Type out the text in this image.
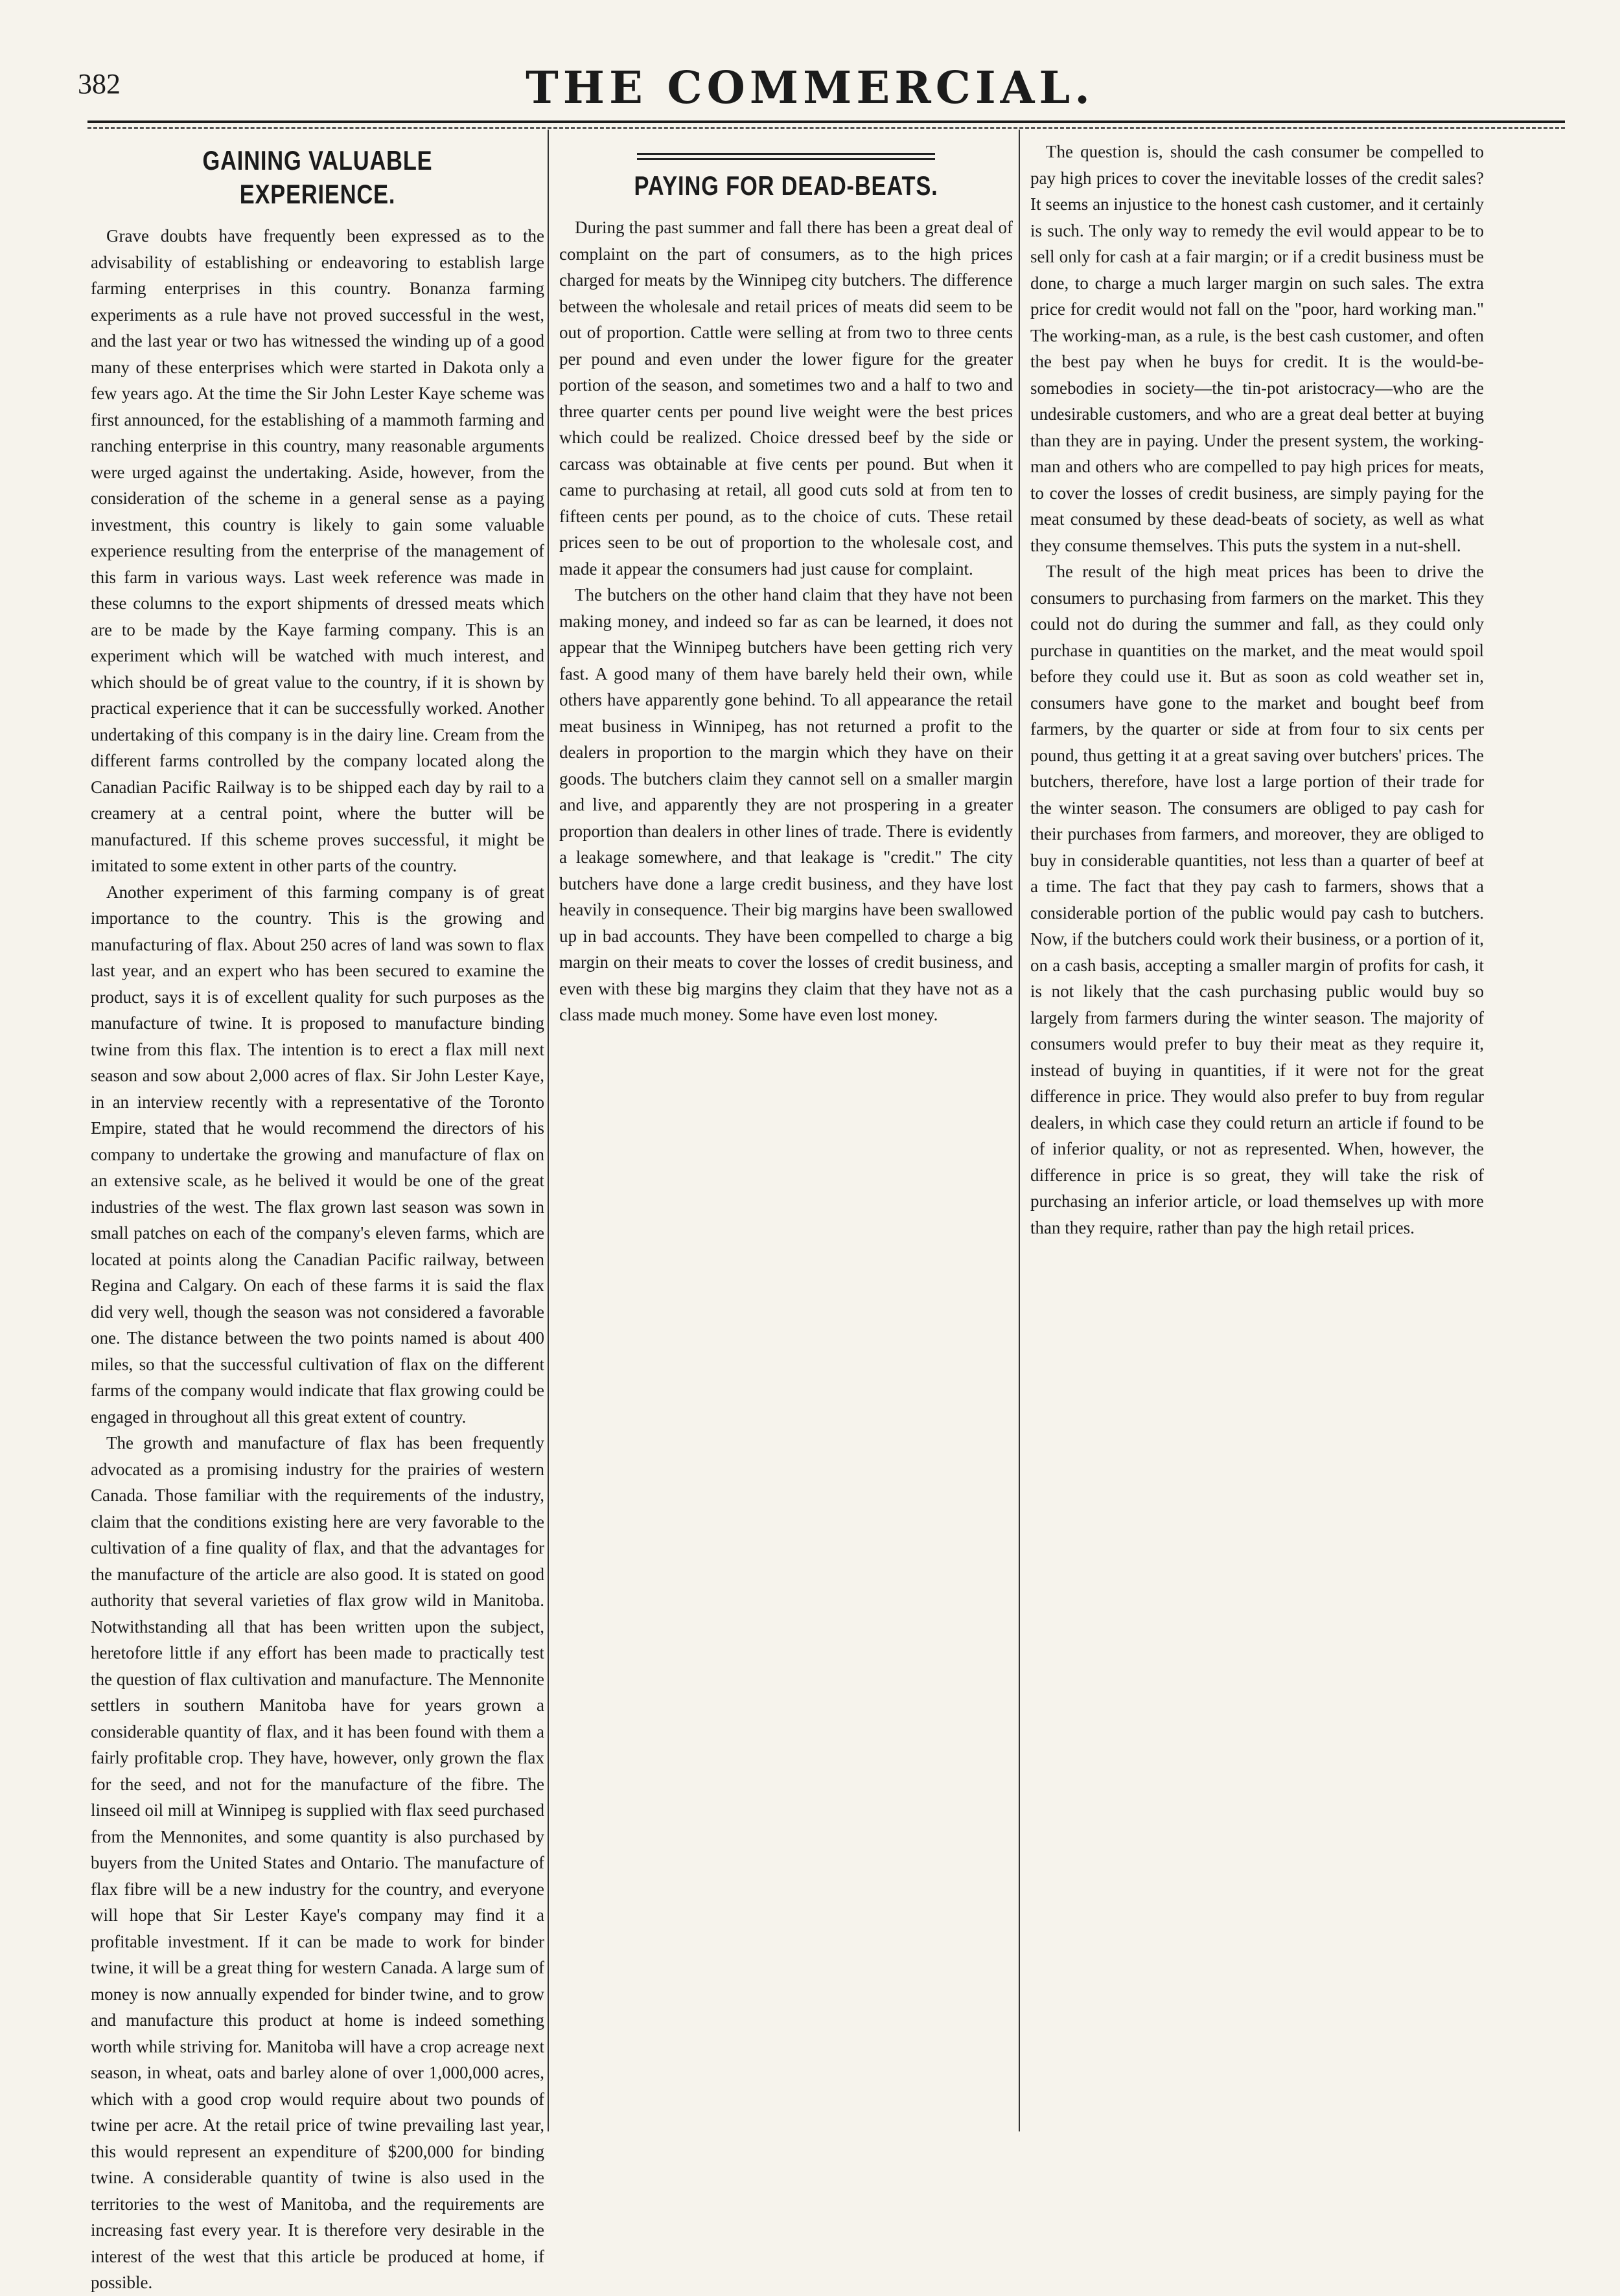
382	THE COMMERCIAL.
GAINING VALUABLE EXPERIENCE.

Grave doubts have frequently been expressed as to the advisability of establishing or endeavoring to establish large farming enterprises in this country. Bonanza farming experiments as a rule have not proved successful in the west, and the last year or two has witnessed the winding up of a good many of these enterprises which were started in Dakota only a few years ago. At the time the Sir John Lester Kaye scheme was first announced, for the establishing of a mammoth farming and ranching enterprise in this country, many reasonable arguments were urged against the undertaking. Aside, however, from the consideration of the scheme in a general sense as a paying investment, this country is likely to gain some valuable experience resulting from the enterprise of the management of this farm in various ways. Last week reference was made in these columns to the export shipments of dressed meats which are to be made by the Kaye farming company. This is an experiment which will be watched with much interest, and which should be of great value to the country, if it is shown by practical experience that it can be successfully worked. Another undertaking of this company is in the dairy line. Cream from the different farms controlled by the company located along the Canadian Pacific Railway is to be shipped each day by rail to a creamery at a central point, where the butter will be manufactured. If this scheme proves successful, it might be imitated to some extent in other parts of the country.

Another experiment of this farming company is of great importance to the country. This is the growing and manufacturing of flax. About 250 acres of land was sown to flax last year, and an expert who has been secured to examine the product, says it is of excellent quality for such purposes as the manufacture of twine. It is proposed to manufacture binding twine from this flax. The intention is to erect a flax mill next season and sow about 2,000 acres of flax. Sir John Lester Kaye, in an interview recently with a representative of the Toronto Empire, stated that he would recommend the directors of his company to undertake the growing and manufacture of flax on an extensive scale, as he belived it would be one of the great industries of the west. The flax grown last season was sown in small patches on each of the company's eleven farms, which are located at points along the Canadian Pacific railway, between Regina and Calgary. On each of these farms it is said the flax did very well, though the season was not considered a favorable one. The distance between the two points named is about 400 miles, so that the successful cultivation of flax on the different farms of the company would indicate that flax growing could be engaged in throughout all this great extent of country.

The growth and manufacture of flax has been frequently advocated as a promising industry for the prairies of western Canada. Those familiar with the requirements of the industry, claim that the conditions existing here are very favorable to the cultivation of a fine quality of flax, and that the advantages for the manufacture of the article are also good. It is stated on good authority that several varieties of flax grow wild in Manitoba. Notwithstanding all that has been written upon the subject, heretofore little if any effort has been made to practically test the question of flax cultivation and manufacture. The Mennonite settlers in southern Manitoba have for years grown a considerable quantity of flax, and it has been found with them a fairly profitable crop. They have, however, only grown the flax for the seed, and not for the manufacture of the fibre. The linseed oil mill at Winnipeg is supplied with flax seed purchased from the Mennonites, and some quantity is also purchased by buyers from the United States and Ontario. The manufacture of flax fibre will be a new industry for the country, and everyone will hope that Sir Lester Kaye's company may find it a profitable investment. If it can be made to work for binder twine, it will be a great thing for western Canada. A large sum of money is now annually expended for binder twine, and to grow and manufacture this product at home is indeed something worth while striving for. Manitoba will have a crop acreage next season, in wheat, oats and barley alone of over 1,000,000 acres, which with a good crop would require about two pounds of twine per acre. At the retail price of twine prevailing last year, this would represent an expenditure of $200,000 for binding twine. A considerable quantity of twine is also used in the territories to the west of Manitoba, and the requirements are increasing fast every year. It is therefore very desirable in the interest of the west that this article be produced at home, if possible.

PAYING FOR DEAD-BEATS.

During the past summer and fall there has been a great deal of complaint on the part of consumers, as to the high prices charged for meats by the Winnipeg city butchers. The difference between the wholesale and retail prices of meats did seem to be out of proportion. Cattle were selling at from two to three cents per pound and even under the lower figure for the greater portion of the season, and sometimes two and a half to two and three quarter cents per pound live weight were the best prices which could be realized. Choice dressed beef by the side or carcass was obtainable at five cents per pound. But when it came to purchasing at retail, all good cuts sold at from ten to fifteen cents per pound, as to the choice of cuts. These retail prices seen to be out of proportion to the wholesale cost, and made it appear the consumers had just cause for complaint.

The butchers on the other hand claim that they have not been making money, and indeed so far as can be learned, it does not appear that the Winnipeg butchers have been getting rich very fast. A good many of them have barely held their own, while others have apparently gone behind. To all appearance the retail meat business in Winnipeg, has not returned a profit to the dealers in proportion to the margin which they have on their goods. The butchers claim they cannot sell on a smaller margin and live, and apparently they are not prospering in a greater proportion than dealers in other lines of trade. There is evidently a leakage somewhere, and that leakage is "credit." The city butchers have done a large credit business, and they have lost heavily in consequence. Their big margins have been swallowed up in bad accounts. They have been compelled to charge a big margin on their meats to cover the losses of credit business, and even with these big margins they claim that they have not as a class made much money. Some have even lost money.

The question is, should the cash consumer be compelled to pay high prices to cover the inevitable losses of the credit sales? It seems an injustice to the honest cash customer, and it certainly is such. The only way to remedy the evil would appear to be to sell only for cash at a fair margin; or if a credit business must be done, to charge a much larger margin on such sales. The extra price for credit would not fall on the "poor, hard working man." The working-man, as a rule, is the best cash customer, and often the best pay when he buys for credit. It is the would-be-somebodies in society—the tin-pot aristocracy—who are the undesirable customers, and who are a great deal better at buying than they are in paying. Under the present system, the working-man and others who are compelled to pay high prices for meats, to cover the losses of credit business, are simply paying for the meat consumed by these dead-beats of society, as well as what they consume themselves. This puts the system in a nut-shell.

The result of the high meat prices has been to drive the consumers to purchasing from farmers on the market. This they could not do during the summer and fall, as they could only purchase in quantities on the market, and the meat would spoil before they could use it. But as soon as cold weather set in, consumers have gone to the market and bought beef from farmers, by the quarter or side at from four to six cents per pound, thus getting it at a great saving over butchers' prices. The butchers, therefore, have lost a large portion of their trade for the winter season. The consumers are obliged to pay cash for their purchases from farmers, and moreover, they are obliged to buy in considerable quantities, not less than a quarter of beef at a time. The fact that they pay cash to farmers, shows that a considerable portion of the public would pay cash to butchers. Now, if the butchers could work their business, or a portion of it, on a cash basis, accepting a smaller margin of profits for cash, it is not likely that the cash purchasing public would buy so largely from farmers during the winter season. The majority of consumers would prefer to buy their meat as they require it, instead of buying in quantities, if it were not for the great difference in price. They would also prefer to buy from regular dealers, in which case they could return an article if found to be of inferior quality, or not as represented. When, however, the difference in price is so great, they will take the risk of purchasing an inferior article, or load themselves up with more than they require, rather than pay the high retail prices.
